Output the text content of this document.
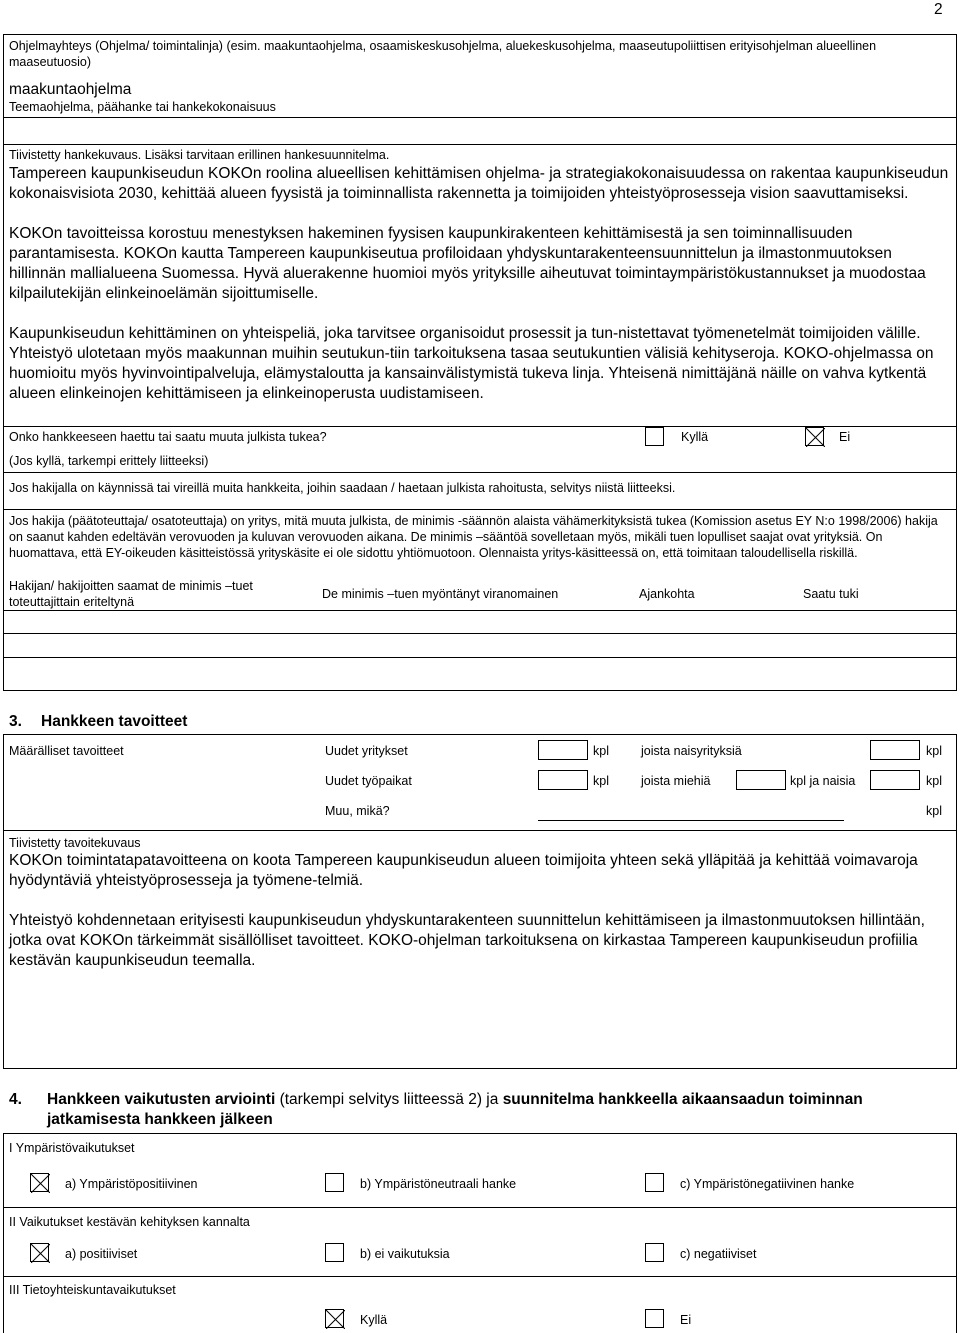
2
Ohjelmayhteys (Ohjelma/ toimintalinja) (esim. maakuntaohjelma, osaamiskeskusohjelma, aluekeskusohjelma, maaseutupoliittisen erityisohjelman alueellinen maaseutuosio)
maakuntaohjelma
Teemaohjelma, päähanke tai hankekokonaisuus
Tiivistetty hankekuvaus. Lisäksi tarvitaan erillinen hankesuunnitelma.

Tampereen kaupunkiseudun KOKOn roolina alueellisen kehittämisen ohjelma- ja strategiakokonaisuudessa on rakentaa kaupunkiseudun kokonaisvisiota 2030, kehittää alueen fyysistä ja toiminnallista rakennetta ja toimijoiden yhteistyöprosesseja vision saavuttamiseksi.

KOKOn tavoitteissa korostuu menestyksen hakeminen fyysisen kaupunkirakenteen kehittämisestä ja sen toiminnallisuuden parantamisesta. KOKOn kautta Tampereen kaupunkiseutua profiloidaan yhdyskuntarakenteensuunnittelun ja ilmastonmuutoksen hillinnän mallialueena Suomessa. Hyvä aluerakenne huomioi myös yrityksille aiheutuvat toimintaympäristökustannukset ja muodostaa kilpailutekijän elinkeinoelämän sijoittumiselle.

Kaupunkiseudun kehittäminen on yhteispeliä, joka tarvitsee organisoidut prosessit ja tun-nistettavat työmenetelmät toimijoiden välille. Yhteistyö ulotetaan myös maakunnan muihin seutukun-tiin tarkoituksena tasaa seutukuntien välisiä kehityseroja. KOKO-ohjelmassa on huomioitu myös hyvinvointipalveluja, elämystaloutta ja kansainvälistymistä tukeva linja. Yhteisenä nimittäjänä näille on vahva kytkentä alueen elinkeinojen kehittämiseen ja elinkeinoperusta uudistamiseen.

Onko hankkeeseen haettu tai saatu muuta julkista tukea?	Kyllä	Ei
(Jos kyllä, tarkempi erittely liitteeksi)
Jos hakijalla on käynnissä tai vireillä muita hankkeita, joihin saadaan / haetaan julkista rahoitusta, selvitys niistä liitteeksi.
Jos hakija (päätoteuttaja/ osatoteuttaja) on yritys, mitä muuta julkista, de minimis -säännön alaista vähämerkityksistä tukea (Komission asetus EY N:o 1998/2006) hakija on saanut kahden edeltävän verovuoden ja kuluvan verovuoden aikana. De minimis –sääntöä sovelletaan myös, mikäli tuen lopulliset saajat ovat yrityksiä. On huomattava, että EY-oikeuden käsitteistössä yrityskäsite ei ole sidottu yhtiömuotoon. Olennaista yritys-käsitteessä on, että toimitaan taloudellisella riskillä.
Hakijan/ hakijoitten saamat de minimis –tuet toteuttajittain eriteltynä
De minimis –tuen myöntänyt viranomainen	Ajankohta	Saatu tuki
3. Hankkeen tavoitteet
Määrälliset tavoitteet	Uudet yritykset	kpl	joista naisyrityksiä	kpl
Uudet työpaikat	kpl	joista miehiä	kpl ja naisia	kpl
Muu, mikä?	kpl
Tiivistetty tavoitekuvaus

KOKOn toimintatapatavoitteena on koota Tampereen kaupunkiseudun alueen toimijoita yhteen sekä ylläpitää ja kehittää voimavaroja hyödyntäviä yhteistyöprosesseja ja työmene-telmiä.

Yhteistyö kohdennetaan erityisesti kaupunkiseudun yhdyskuntarakenteen suunnittelun kehittämiseen ja ilmastonmuutoksen hillintään, jotka ovat KOKOn tärkeimmät sisällölliset tavoitteet. KOKO-ohjelman tarkoituksena on kirkastaa Tampereen kaupunkiseudun profiilia kestävän kaupunkiseudun teemalla.

4. Hankkeen vaikutusten arviointi (tarkempi selvitys liitteessä 2) ja suunnitelma hankkeella aikaansaadun toiminnan jatkamisesta hankkeen jälkeen
I Ympäristövaikutukset
a) Ympäristöpositiivinen	b) Ympäristöneutraali hanke	c) Ympäristönegatiivinen hanke
II Vaikutukset kestävän kehityksen kannalta
a) positiiviset	b) ei vaikutuksia	c) negatiiviset
III Tietoyhteiskuntavaikutukset
Kyllä	Ei
